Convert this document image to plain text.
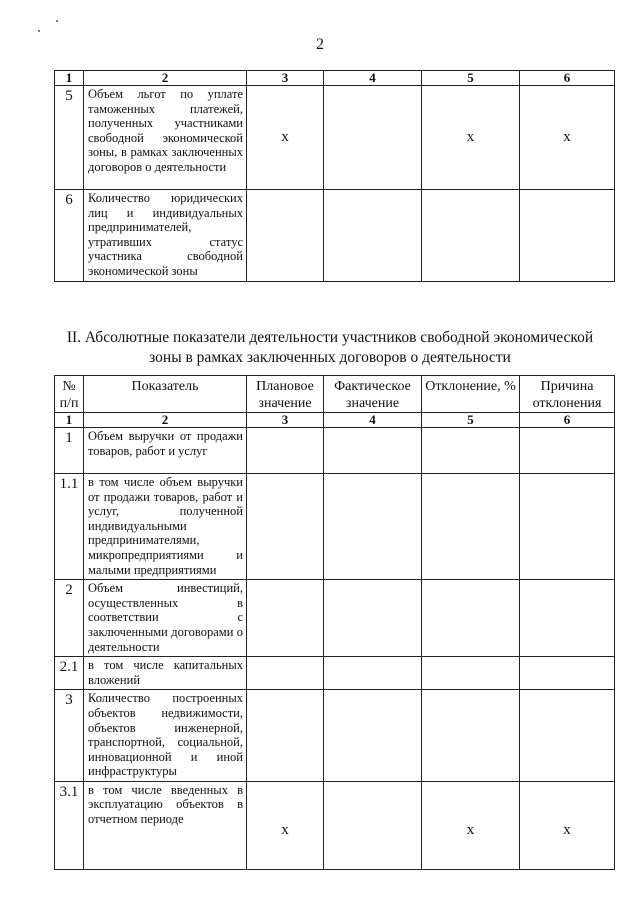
2
1	2	3	4	5	6
5	Объем льгот по уплате таможенных платежей, полученных участниками свободной экономической зоны, в рамках заключенных договоров о деятельности	х		х	х
6	Количество юридических лиц и индивидуальных предпринимателей, утративших статус участника свободной экономической зоны				
II. Абсолютные показатели деятельности участников свободной экономической
зоны в рамках заключенных договоров о деятельности
№ п/п	Показатель	Плановое значение	Фактическое значение	Отклонение, %	Причина отклонения
1	2	3	4	5	6
1	Объем выручки от продажи товаров, работ и услуг				
1.1	в том числе объем выручки от продажи товаров, работ и услуг, полученной индивидуальными предпринимателями, микропредприятиями и малыми предприятиями				
2	Объем инвестиций, осуществленных в соответствии с заключенными договорами о деятельности				
2.1	в том числе капитальных вложений				
3	Количество построенных объектов недвижимости, объектов инженерной, транспортной, социальной, инновационной и иной инфраструктуры				
3.1	в том числе введенных в эксплуатацию объектов в отчетном периоде	х		х	х
